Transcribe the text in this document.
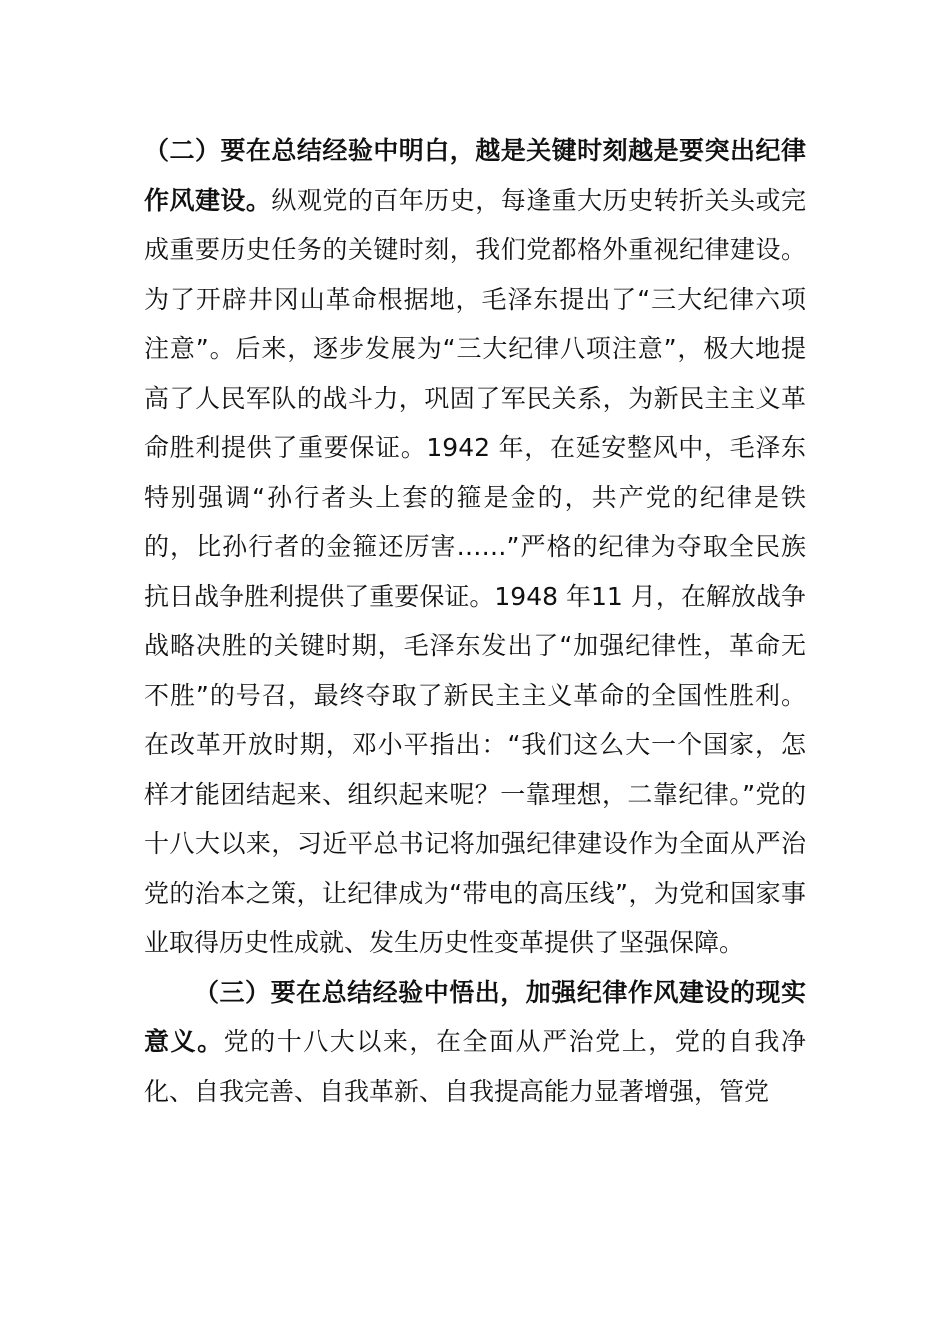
（二）要在总结经验中明白，越是关键时刻越是要突出纪律作风建设。纵观党的百年历史，每逢重大历史转折关头或完成重要历史任务的关键时刻，我们党都格外重视纪律建设。为了开辟井冈山革命根据地，毛泽东提出了“三大纪律六项注意”。后来，逐步发展为“三大纪律八项注意”，极大地提高了人民军队的战斗力，巩固了军民关系，为新民主主义革命胜利提供了重要保证。1942 年，在延安整风中，毛泽东特别强调“孙行者头上套的箍是金的，共产党的纪律是铁的，比孙行者的金箍还厉害……”严格的纪律为夺取全民族抗日战争胜利提供了重要保证。1948 年11 月，在解放战争战略决胜的关键时期，毛泽东发出了“加强纪律性，革命无不胜”的号召，最终夺取了新民主主义革命的全国性胜利。在改革开放时期，邓小平指出：“我们这么大一个国家，怎样才能团结起来、组织起来呢？一靠理想，二靠纪律。”党的十八大以来，习近平总书记将加强纪律建设作为全面从严治党的治本之策，让纪律成为“带电的高压线”，为党和国家事业取得历史性成就、发生历史性变革提供了坚强保障。

（三）要在总结经验中悟出，加强纪律作风建设的现实意义。党的十八大以来，在全面从严治党上，党的自我净化、自我完善、自我革新、自我提高能力显著增强，管党
